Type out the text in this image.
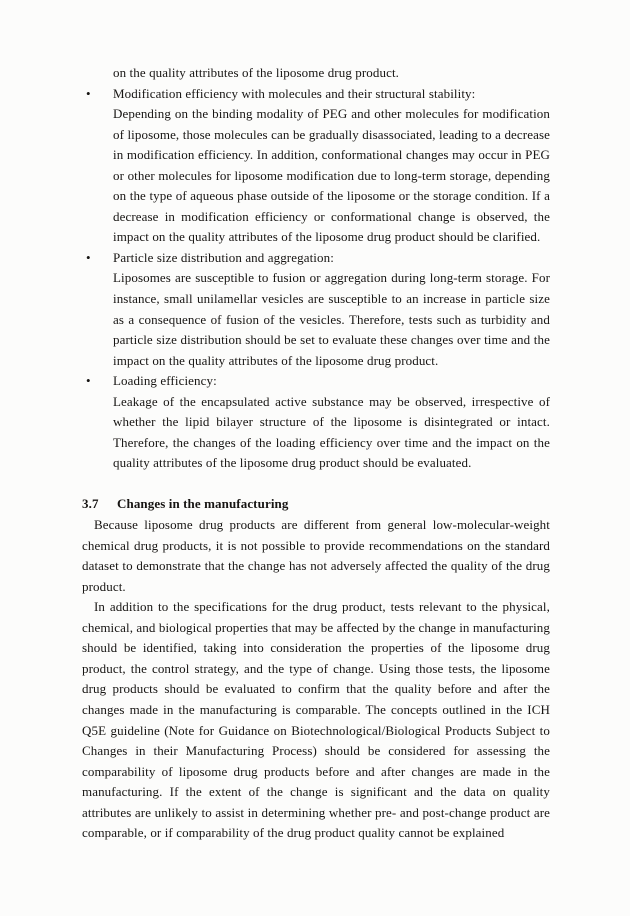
on the quality attributes of the liposome drug product.

• Modification efficiency with molecules and their structural stability:

Depending on the binding modality of PEG and other molecules for modification of liposome, those molecules can be gradually disassociated, leading to a decrease in modification efficiency. In addition, conformational changes may occur in PEG or other molecules for liposome modification due to long-term storage, depending on the type of aqueous phase outside of the liposome or the storage condition. If a decrease in modification efficiency or conformational change is observed, the impact on the quality attributes of the liposome drug product should be clarified.

• Particle size distribution and aggregation:

Liposomes are susceptible to fusion or aggregation during long-term storage. For instance, small unilamellar vesicles are susceptible to an increase in particle size as a consequence of fusion of the vesicles. Therefore, tests such as turbidity and particle size distribution should be set to evaluate these changes over time and the impact on the quality attributes of the liposome drug product.

• Loading efficiency:

Leakage of the encapsulated active substance may be observed, irrespective of whether the lipid bilayer structure of the liposome is disintegrated or intact. Therefore, the changes of the loading efficiency over time and the impact on the quality attributes of the liposome drug product should be evaluated.

3.7	Changes in the manufacturing

Because liposome drug products are different from general low-molecular-weight chemical drug products, it is not possible to provide recommendations on the standard dataset to demonstrate that the change has not adversely affected the quality of the drug product.

In addition to the specifications for the drug product, tests relevant to the physical, chemical, and biological properties that may be affected by the change in manufacturing should be identified, taking into consideration the properties of the liposome drug product, the control strategy, and the type of change. Using those tests, the liposome drug products should be evaluated to confirm that the quality before and after the changes made in the manufacturing is comparable. The concepts outlined in the ICH Q5E guideline (Note for Guidance on Biotechnological/Biological Products Subject to Changes in their Manufacturing Process) should be considered for assessing the comparability of liposome drug products before and after changes are made in the manufacturing. If the extent of the change is significant and the data on quality attributes are unlikely to assist in determining whether pre- and post-change product are comparable, or if comparability of the drug product quality cannot be explained
